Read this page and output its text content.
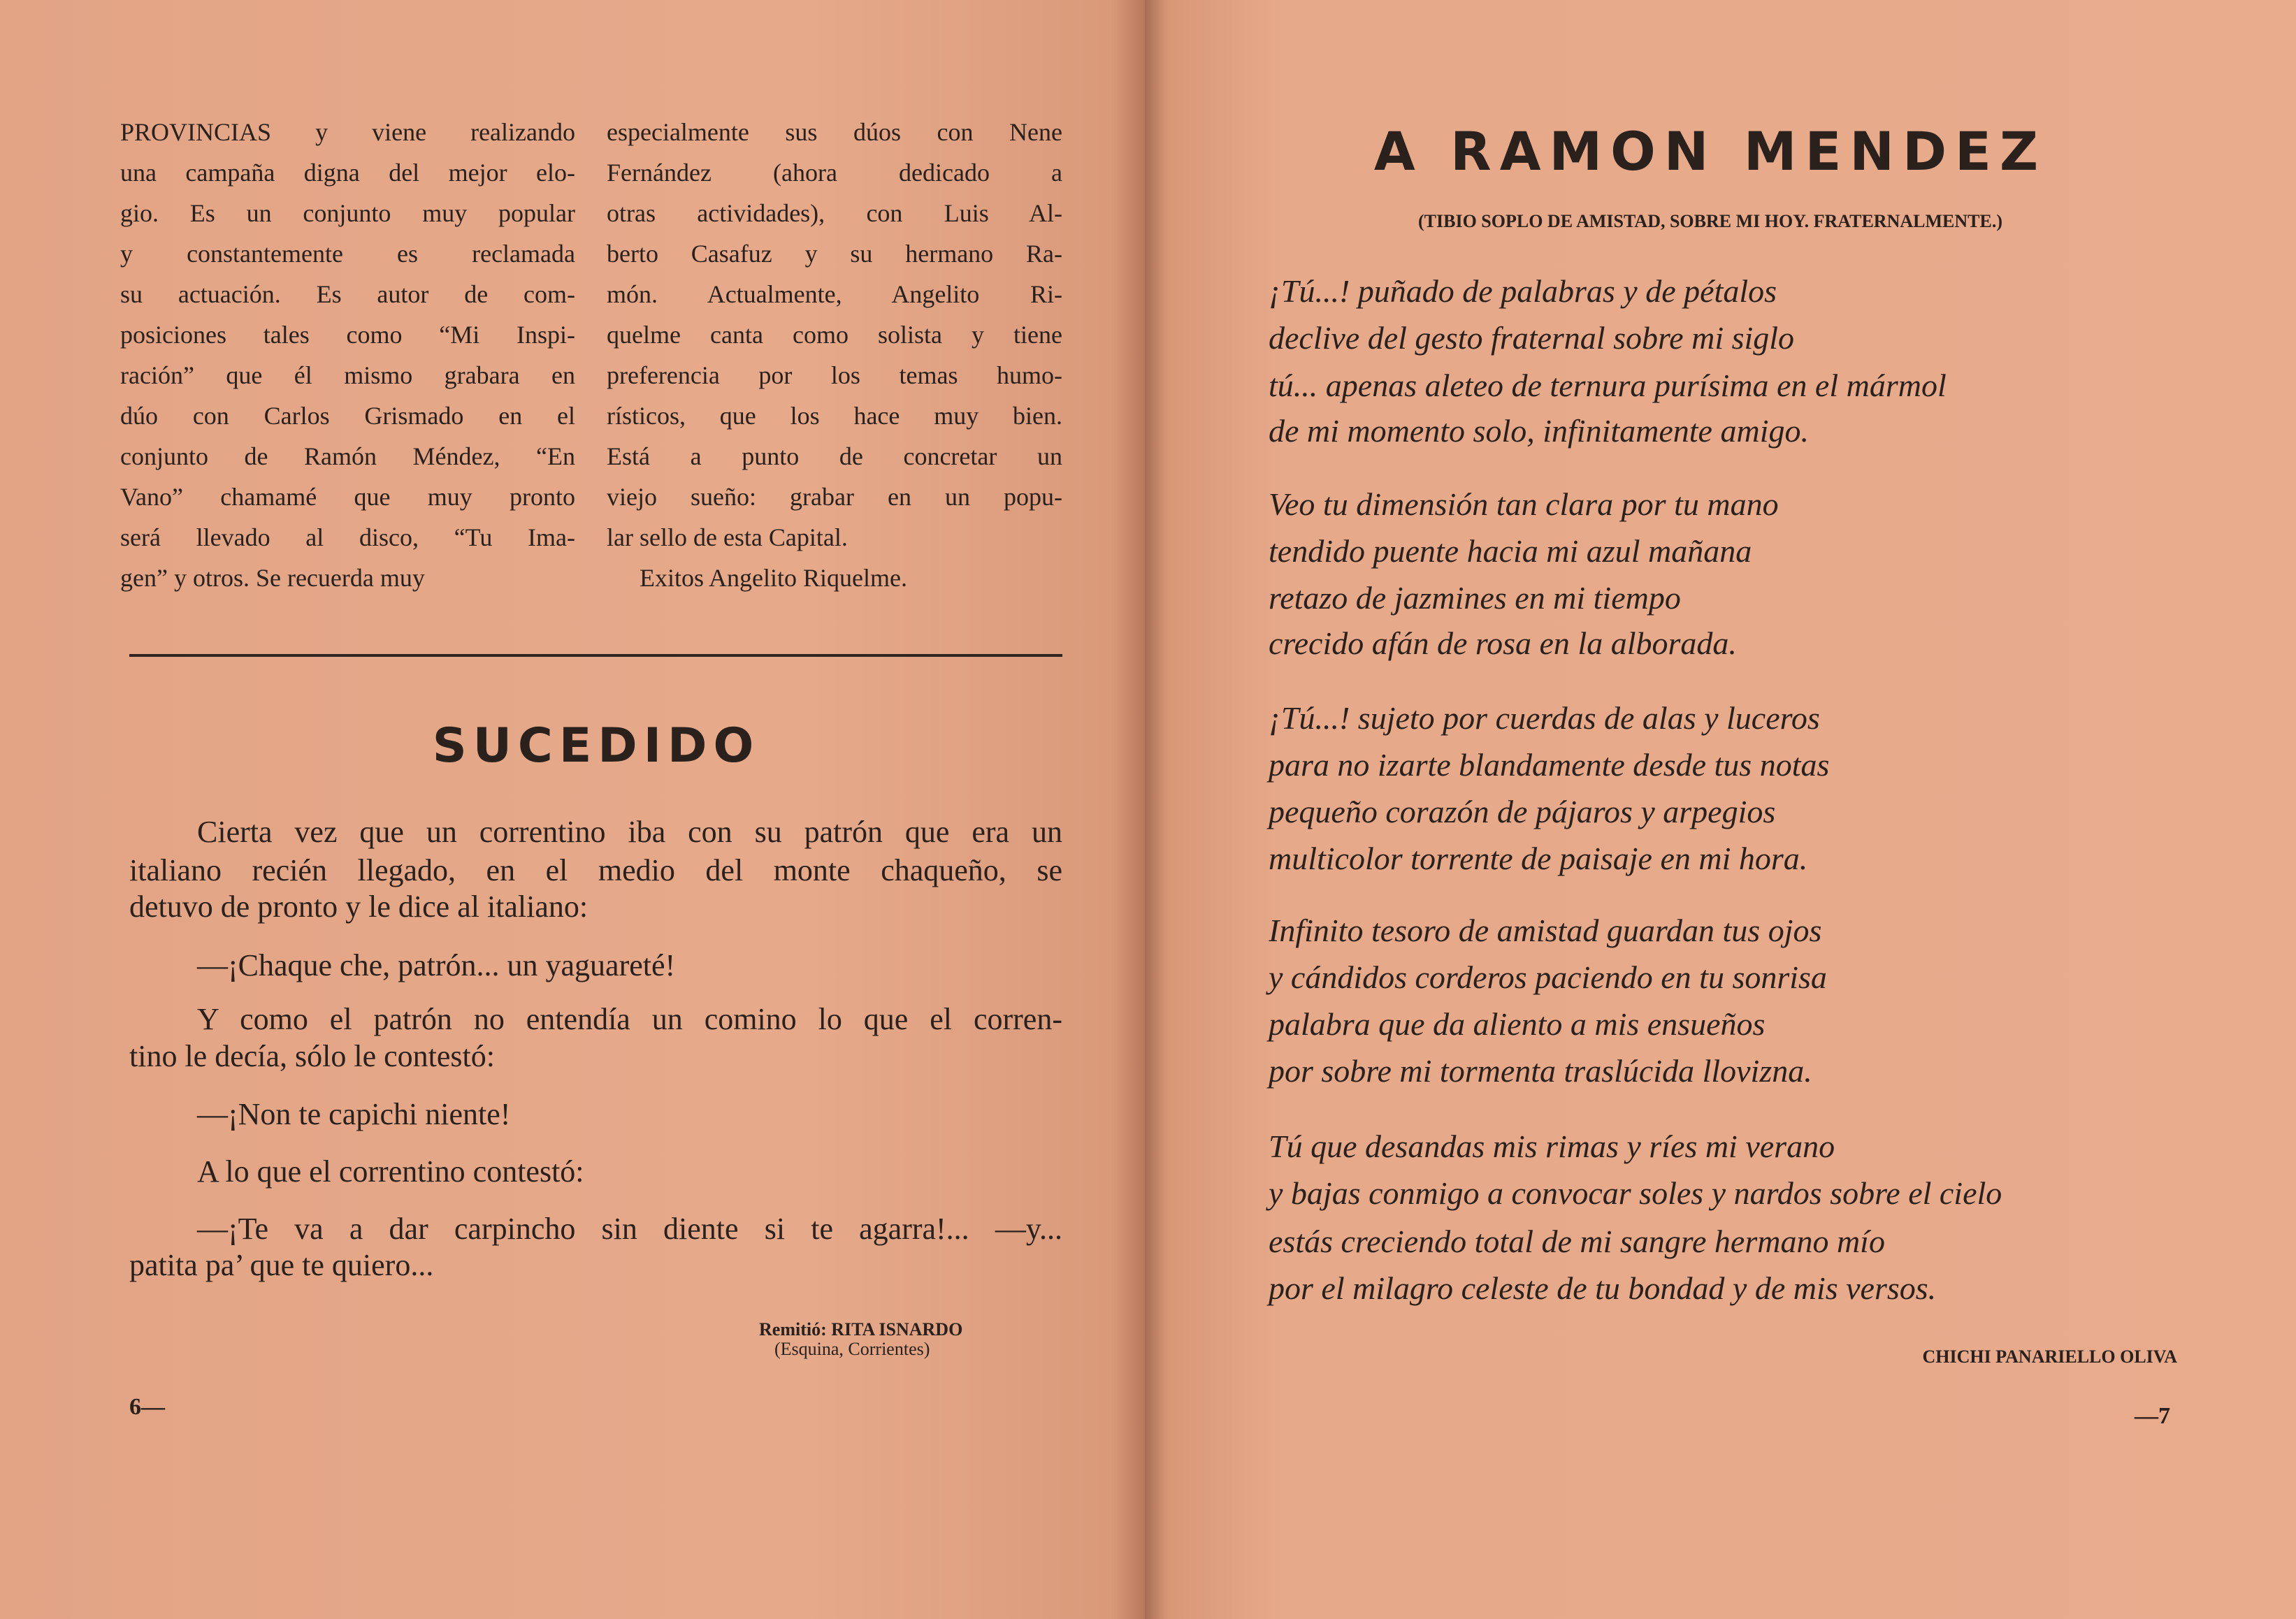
PROVINCIAS y viene realizando
una campaña digna del mejor elo-
gio. Es un conjunto muy popular
y constantemente es reclamada
su actuación. Es autor de com-
posiciones tales como “Mi Inspi-
ración” que él mismo grabara en
dúo con Carlos Grismado en el
conjunto de Ramón Méndez, “En
Vano” chamamé que muy pronto
será llevado al disco, “Tu Ima-
gen” y otros. Se recuerda muy
especialmente sus dúos con Nene
Fernández (ahora dedicado a
otras actividades), con Luis Al-
berto Casafuz y su hermano Ra-
món. Actualmente, Angelito Ri-
quelme canta como solista y tiene
preferencia por los temas humo-
rísticos, que los hace muy bien.
Está a punto de concretar un
viejo sueño: grabar en un popu-
lar sello de esta Capital.
Exitos Angelito Riquelme.
SUCEDIDO
Cierta vez que un correntino iba con su patrón que era un
italiano recién llegado, en el medio del monte chaqueño, se
detuvo de pronto y le dice al italiano:
—¡Chaque che, patrón... un yaguareté!
Y como el patrón no entendía un comino lo que el corren-
tino le decía, sólo le contestó:
—¡Non te capichi niente!
A lo que el correntino contestó:
—¡Te va a dar carpincho sin diente si te agarra!... —y...
patita pa’ que te quiero...
Remitió: RITA ISNARDO
(Esquina, Corrientes)
6—
A RAMON MENDEZ
(TIBIO SOPLO DE AMISTAD, SOBRE MI HOY. FRATERNALMENTE.)
¡Tú...! puñado de palabras y de pétalos
declive del gesto fraternal sobre mi siglo
tú... apenas aleteo de ternura purísima en el mármol
de mi momento solo, infinitamente amigo.
Veo tu dimensión tan clara por tu mano
tendido puente hacia mi azul mañana
retazo de jazmines en mi tiempo
crecido afán de rosa en la alborada.
¡Tú...! sujeto por cuerdas de alas y luceros
para no izarte blandamente desde tus notas
pequeño corazón de pájaros y arpegios
multicolor torrente de paisaje en mi hora.
Infinito tesoro de amistad guardan tus ojos
y cándidos corderos paciendo en tu sonrisa
palabra que da aliento a mis ensueños
por sobre mi tormenta traslúcida llovizna.
Tú que desandas mis rimas y ríes mi verano
y bajas conmigo a convocar soles y nardos sobre el cielo
estás creciendo total de mi sangre hermano mío
por el milagro celeste de tu bondad y de mis versos.
CHICHI PANARIELLO OLIVA
—7
